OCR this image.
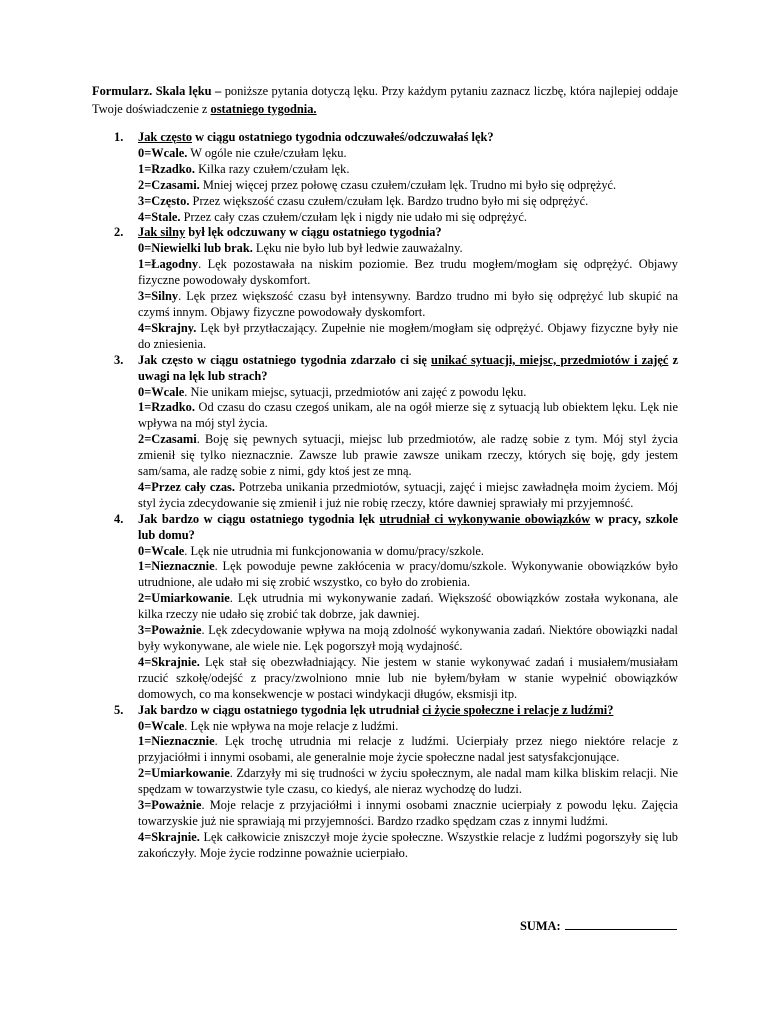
Formularz. Skala lęku – poniższe pytania dotyczą lęku. Przy każdym pytaniu zaznacz liczbę, która najlepiej oddaje Twoje doświadczenie z ostatniego tygodnia.
1. Jak często w ciągu ostatniego tygodnia odczuwałeś/odczuwałaś lęk?
0=Wcale. W ogóle nie czułe/czułam lęku.
1=Rzadko. Kilka razy czułem/czułam lęk.
2=Czasami. Mniej więcej przez połowę czasu czułem/czułam lęk. Trudno mi było się odprężyć.
3=Często. Przez większość czasu czułem/czułam lęk. Bardzo trudno było mi się odprężyć.
4=Stale. Przez cały czas czułem/czułam lęk i nigdy nie udało mi się odprężyć.
2. Jak silny był lęk odczuwany w ciągu ostatniego tygodnia?
0=Niewielki lub brak. Lęku nie było lub był ledwie zauważalny.
1=Łagodny. Lęk pozostawała na niskim poziomie. Bez trudu mogłem/mogłam się odprężyć. Objawy fizyczne powodowały dyskomfort.
3=Silny. Lęk przez większość czasu był intensywny. Bardzo trudno mi było się odprężyć lub skupić na czymś innym. Objawy fizyczne powodowały dyskomfort.
4=Skrajny. Lęk był przytłaczający. Zupełnie nie mogłem/mogłam się odprężyć. Objawy fizyczne były nie do zniesienia.
3. Jak często w ciągu ostatniego tygodnia zdarzało ci się unikać sytuacji, miejsc, przedmiotów i zajęć z uwagi na lęk lub strach?
0=Wcale. Nie unikam miejsc, sytuacji, przedmiotów ani zajęć z powodu lęku.
1=Rzadko. Od czasu do czasu czegoś unikam, ale na ogół mierze się z sytuacją lub obiektem lęku. Lęk nie wpływa na mój styl życia.
2=Czasami. Boję się pewnych sytuacji, miejsc lub przedmiotów, ale radzę sobie z tym. Mój styl życia zmienił się tylko nieznacznie. Zawsze lub prawie zawsze unikam rzeczy, których się boję, gdy jestem sam/sama, ale radzę sobie z nimi, gdy ktoś jest ze mną.
4=Przez cały czas. Potrzeba unikania przedmiotów, sytuacji, zajęć i miejsc zawładnęła moim życiem. Mój styl życia zdecydowanie się zmienił i już nie robię rzeczy, które dawniej sprawiały mi przyjemność.
4. Jak bardzo w ciągu ostatniego tygodnia lęk utrudniał ci wykonywanie obowiązków w pracy, szkole lub domu?
0=Wcale. Lęk nie utrudnia mi funkcjonowania w domu/pracy/szkole.
1=Nieznacznie. Lęk powoduje pewne zakłócenia w pracy/domu/szkole. Wykonywanie obowiązków było utrudnione, ale udało mi się zrobić wszystko, co było do zrobienia.
2=Umiarkowanie. Lęk utrudnia mi wykonywanie zadań. Większość obowiązków została wykonana, ale kilka rzeczy nie udało się zrobić tak dobrze, jak dawniej.
3=Poważnie. Lęk zdecydowanie wpływa na moją zdolność wykonywania zadań. Niektóre obowiązki nadal były wykonywane, ale wiele nie. Lęk pogorszył moją wydajność.
4=Skrajnie. Lęk stał się obezwładniający. Nie jestem w stanie wykonywać zadań i musiałem/musiałam rzucić szkołę/odejść z pracy/zwolniono mnie lub nie byłem/byłam w stanie wypełnić obowiązków domowych, co ma konsekwencje w postaci windykacji długów, eksmisji itp.
5. Jak bardzo w ciągu ostatniego tygodnia lęk utrudniał ci życie społeczne i relacje z ludźmi?
0=Wcale. Lęk nie wpływa na moje relacje z ludźmi.
1=Nieznacznie. Lęk trochę utrudnia mi relacje z ludźmi. Ucierpiały przez niego niektóre relacje z przyjaciółmi i innymi osobami, ale generalnie moje życie społeczne nadal jest satysfakcjonujące.
2=Umiarkowanie. Zdarzyły mi się trudności w życiu społecznym, ale nadal mam kilka bliskim relacji. Nie spędzam w towarzystwie tyle czasu, co kiedyś, ale nieraz wychodzę do ludzi.
3=Poważnie. Moje relacje z przyjaciółmi i innymi osobami znacznie ucierpiały z powodu lęku. Zajęcia towarzyskie już nie sprawiają mi przyjemności. Bardzo rzadko spędzam czas z innymi ludźmi.
4=Skrajnie. Lęk całkowicie zniszczył moje życie społeczne. Wszystkie relacje z ludźmi pogorszyły się lub zakończyły. Moje życie rodzinne poważnie ucierpiało.
SUMA:
